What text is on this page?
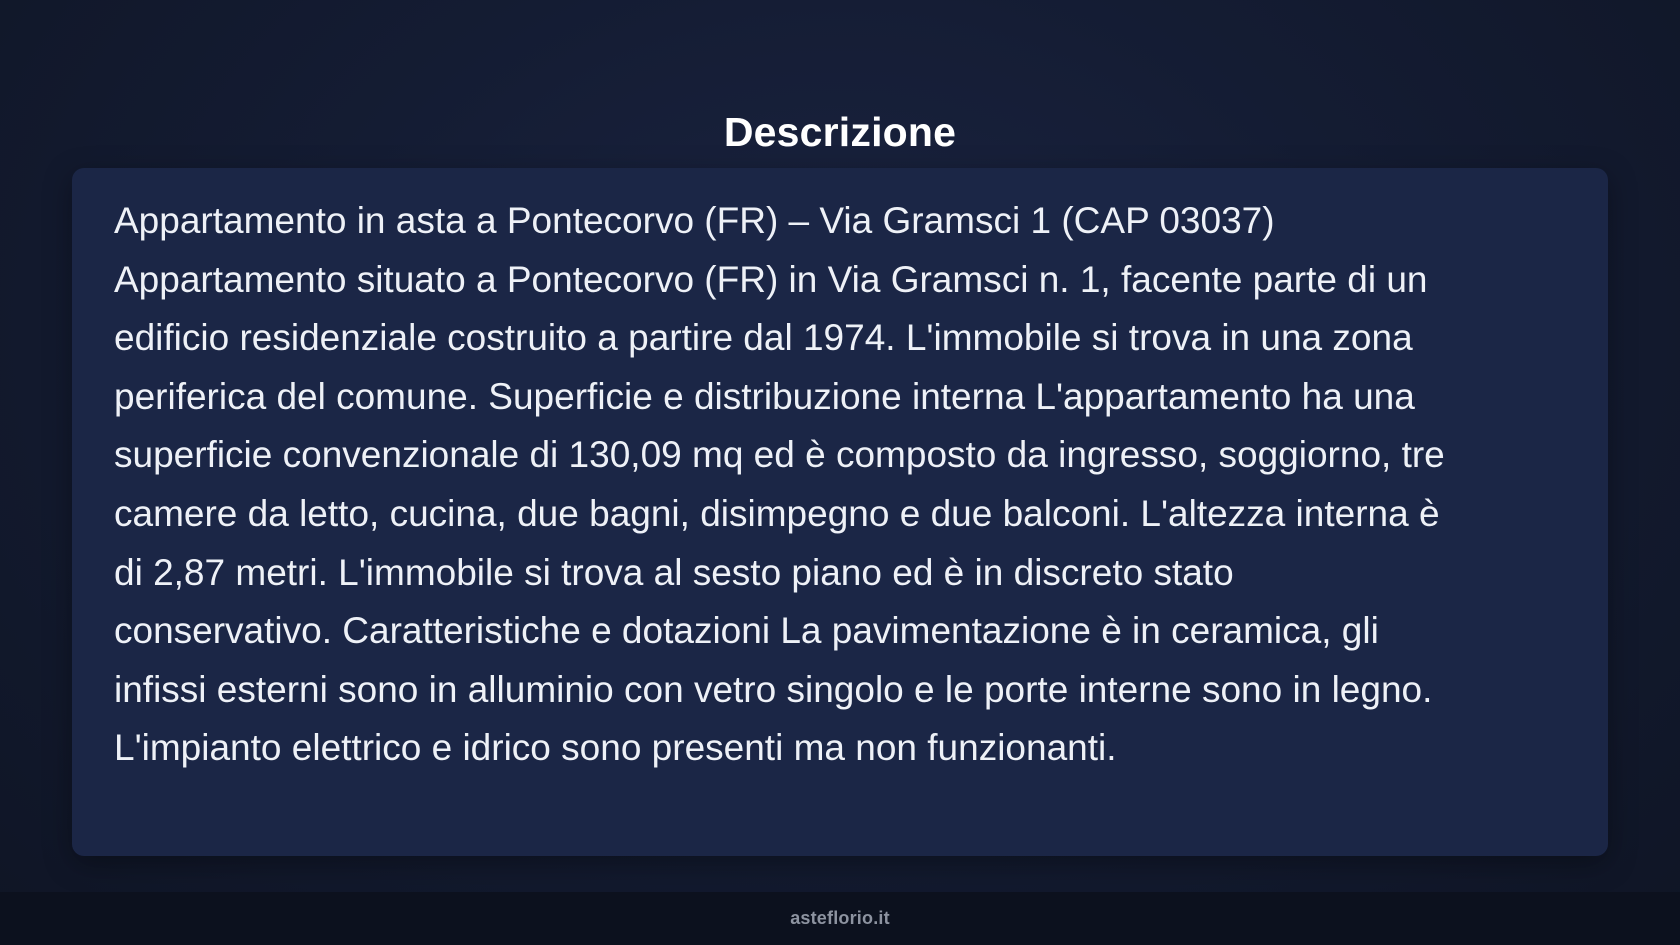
Descrizione

Appartamento in asta a Pontecorvo (FR) – Via Gramsci 1 (CAP 03037)
Appartamento situato a Pontecorvo (FR) in Via Gramsci n. 1, facente parte di un
edificio residenziale costruito a partire dal 1974. L'immobile si trova in una zona
periferica del comune. Superficie e distribuzione interna L'appartamento ha una
superficie convenzionale di 130,09 mq ed è composto da ingresso, soggiorno, tre
camere da letto, cucina, due bagni, disimpegno e due balconi. L'altezza interna è
di 2,87 metri. L'immobile si trova al sesto piano ed è in discreto stato
conservativo. Caratteristiche e dotazioni La pavimentazione è in ceramica, gli
infissi esterni sono in alluminio con vetro singolo e le porte interne sono in legno.
L'impianto elettrico e idrico sono presenti ma non funzionanti.

asteflorio.it
